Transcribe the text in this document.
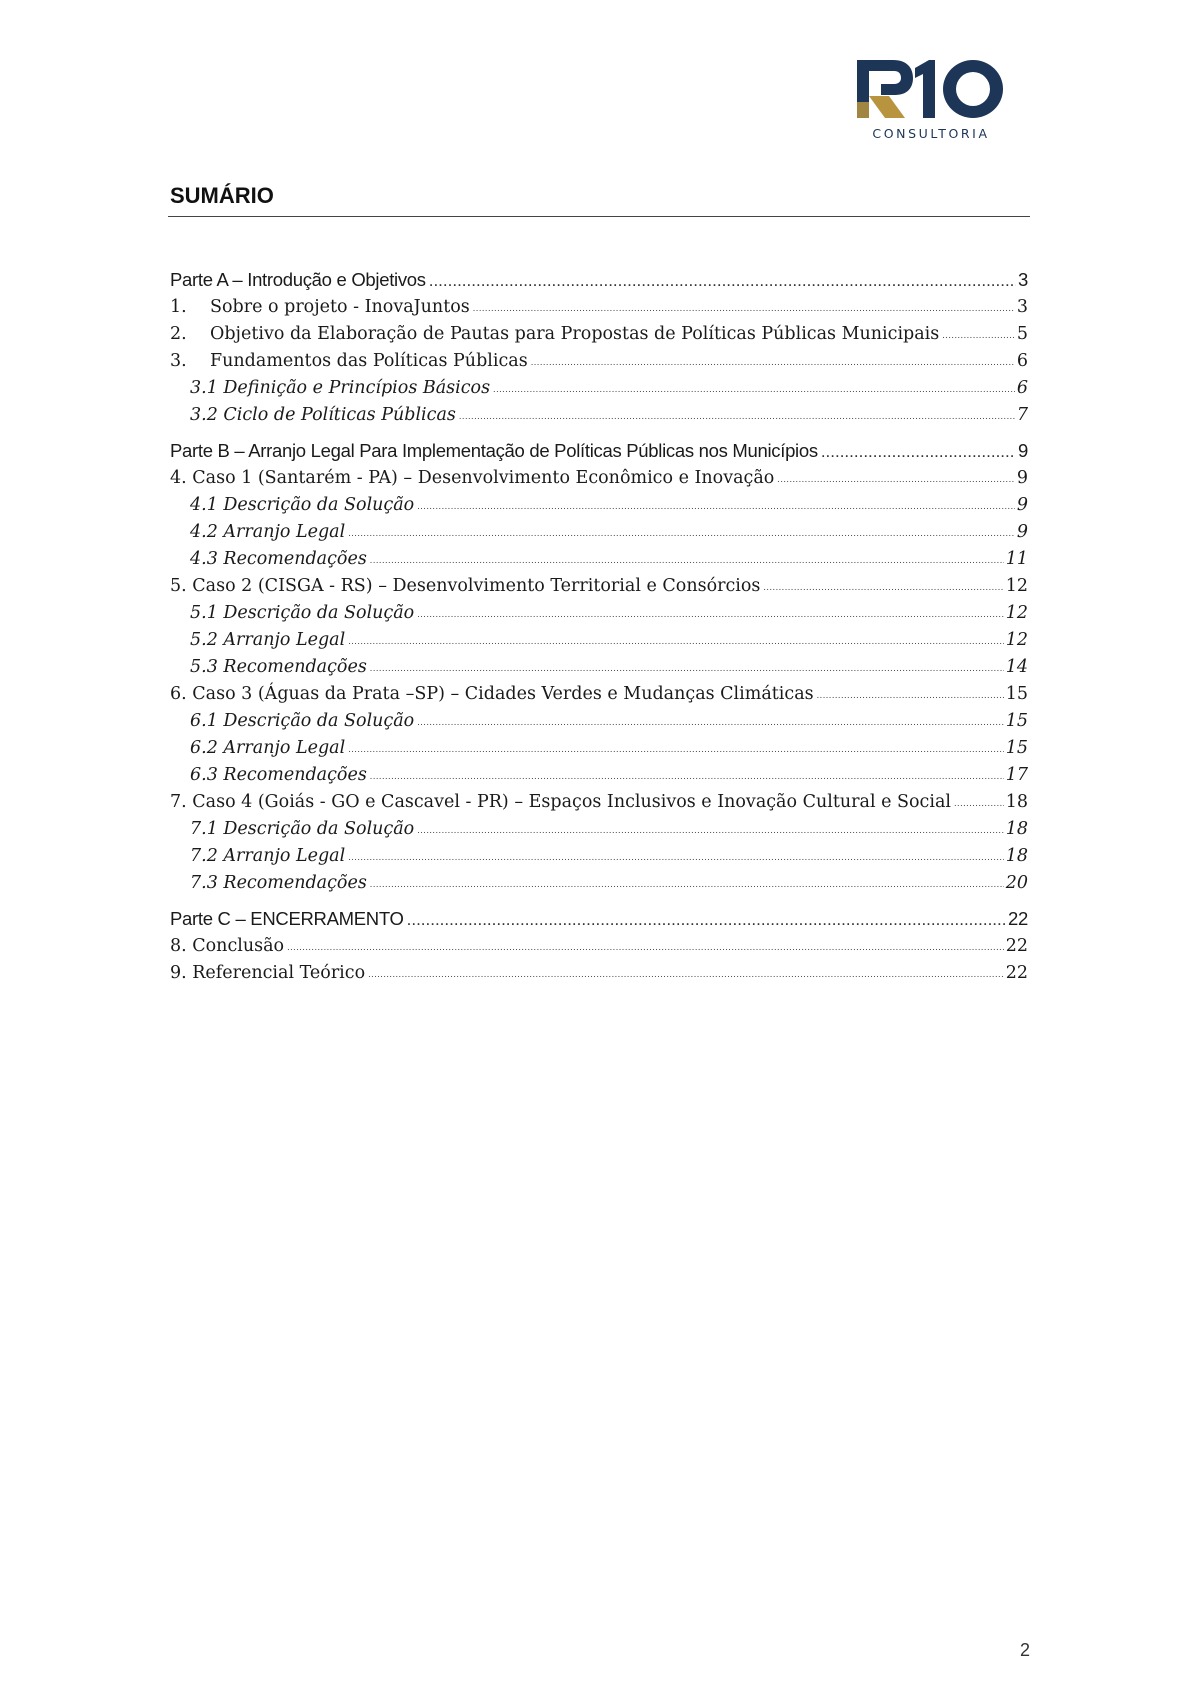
CONSULTORIA
SUMÁRIO
Parte A – Introdução e Objetivos .....	3
1. Sobre o projeto - InovaJuntos .....	3
2. Objetivo da Elaboração de Pautas para Propostas de Políticas Públicas Municipais .....	5
3. Fundamentos das Políticas Públicas .....	6
3.1 Definição e Princípios Básicos .....	6
3.2 Ciclo de Políticas Públicas .....	7
Parte B – Arranjo Legal Para Implementação de Políticas Públicas nos Municípios .....	9
4. Caso 1 (Santarém - PA) – Desenvolvimento Econômico e Inovação .....	9
4.1 Descrição da Solução .....	9
4.2 Arranjo Legal .....	9
4.3 Recomendações .....	11
5. Caso 2 (CISGA - RS) – Desenvolvimento Territorial e Consórcios .....	12
5.1 Descrição da Solução .....	12
5.2 Arranjo Legal .....	12
5.3 Recomendações .....	14
6. Caso 3 (Águas da Prata –SP) – Cidades Verdes e Mudanças Climáticas .....	15
6.1 Descrição da Solução .....	15
6.2 Arranjo Legal .....	15
6.3 Recomendações .....	17
7. Caso 4 (Goiás - GO e Cascavel - PR) – Espaços Inclusivos e Inovação Cultural e Social .....	18
7.1 Descrição da Solução .....	18
7.2 Arranjo Legal .....	18
7.3 Recomendações .....	20
Parte C – ENCERRAMENTO .....	22
8. Conclusão .....	22
9. Referencial Teórico .....	22
2
